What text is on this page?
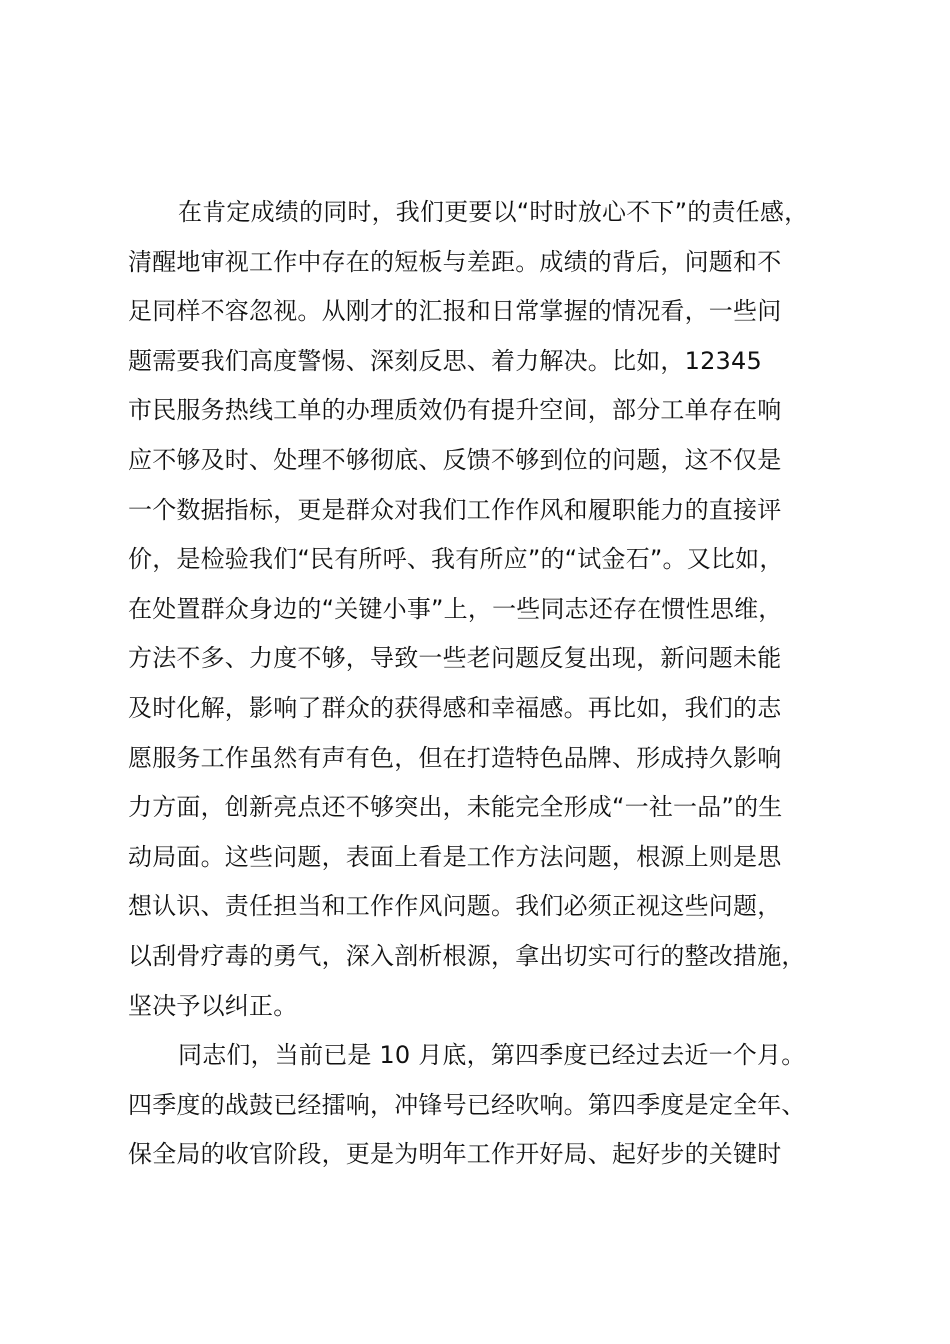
在肯定成绩的同时，我们更要以“时时放心不下”的责任感，
清醒地审视工作中存在的短板与差距。成绩的背后，问题和不
足同样不容忽视。从刚才的汇报和日常掌握的情况看，一些问
题需要我们高度警惕、深刻反思、着力解决。比如，12345
市民服务热线工单的办理质效仍有提升空间，部分工单存在响
应不够及时、处理不够彻底、反馈不够到位的问题，这不仅是
一个数据指标，更是群众对我们工作作风和履职能力的直接评
价，是检验我们“民有所呼、我有所应”的“试金石”。又比如，
在处置群众身边的“关键小事”上，一些同志还存在惯性思维，
方法不多、力度不够，导致一些老问题反复出现，新问题未能
及时化解，影响了群众的获得感和幸福感。再比如，我们的志
愿服务工作虽然有声有色，但在打造特色品牌、形成持久影响
力方面，创新亮点还不够突出，未能完全形成“一社一品”的生
动局面。这些问题，表面上看是工作方法问题，根源上则是思
想认识、责任担当和工作作风问题。我们必须正视这些问题，
以刮骨疗毒的勇气，深入剖析根源，拿出切实可行的整改措施，
坚决予以纠正。
同志们，当前已是 10 月底，第四季度已经过去近一个月。
四季度的战鼓已经擂响，冲锋号已经吹响。第四季度是定全年、
保全局的收官阶段，更是为明年工作开好局、起好步的关键时
